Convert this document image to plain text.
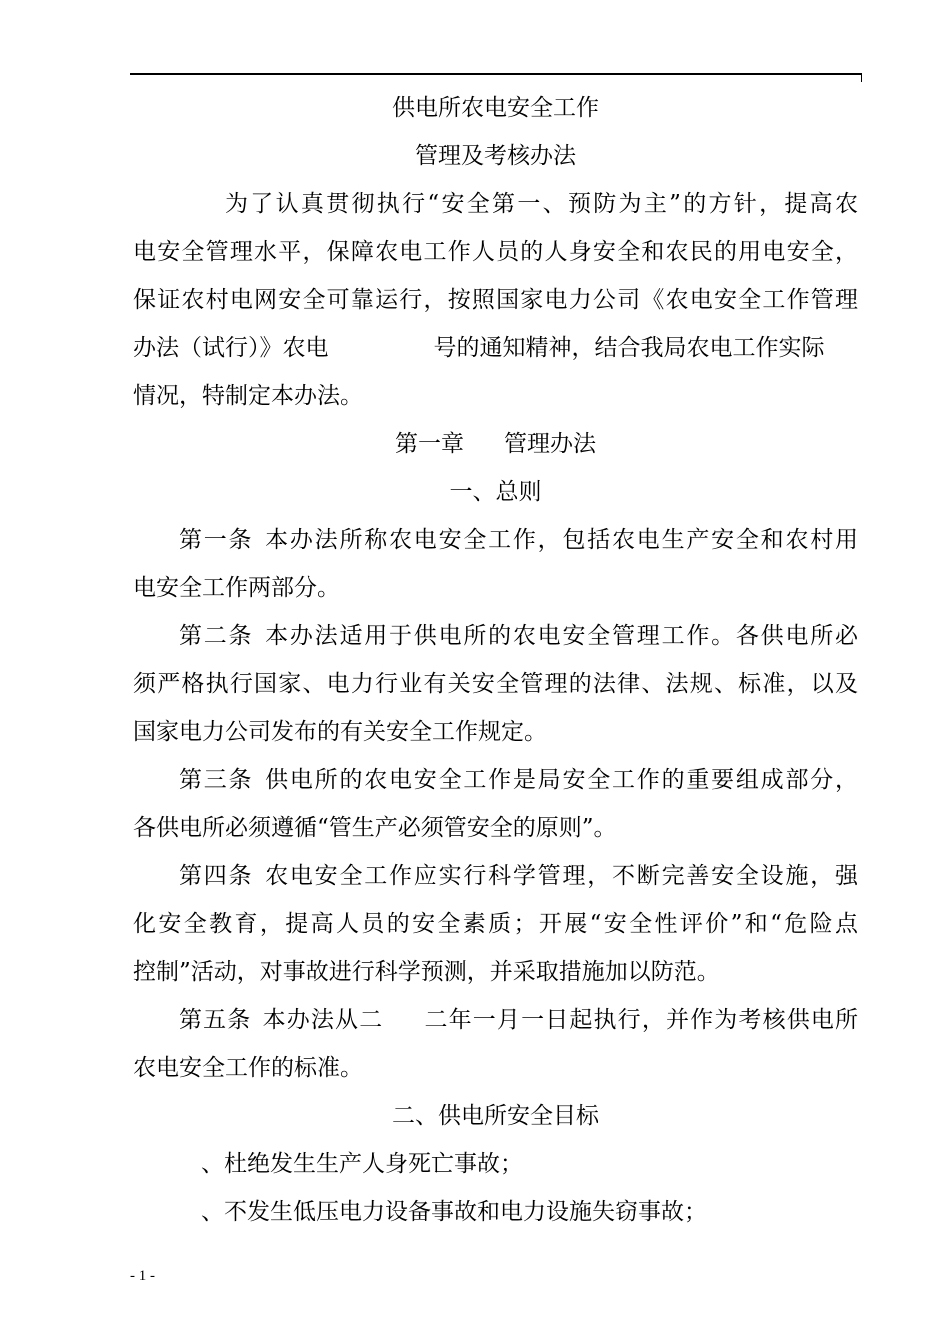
供电所农电安全工作
管理及考核办法
为了认真贯彻执行“安全第一、预防为主”的方针，提高农
电安全管理水平，保障农电工作人员的人身安全和农民的用电安全，
保证农村电网安全可靠运行，按照国家电力公司《农电安全工作管理
办法（试行）》农电	号的通知精神，结合我局农电工作实际
情况，特制定本办法。
第一章 管理办法
一、总则
第一条 本办法所称农电安全工作，包括农电生产安全和农村用
电安全工作两部分。
第二条 本办法适用于供电所的农电安全管理工作。各供电所必
须严格执行国家、电力行业有关安全管理的法律、法规、标准，以及
国家电力公司发布的有关安全工作规定。
第三条 供电所的农电安全工作是局安全工作的重要组成部分，
各供电所必须遵循“管生产必须管安全的原则”。
第四条 农电安全工作应实行科学管理，不断完善安全设施，强
化安全教育，提高人员的安全素质；开展“安全性评价”和“危险点
控制”活动，对事故进行科学预测，并采取措施加以防范。
第五条 本办法从二 二年一月一日起执行，并作为考核供电所
农电安全工作的标准。
二、供电所安全目标
、杜绝发生生产人身死亡事故；
、不发生低压电力设备事故和电力设施失窃事故；
- 1 -
